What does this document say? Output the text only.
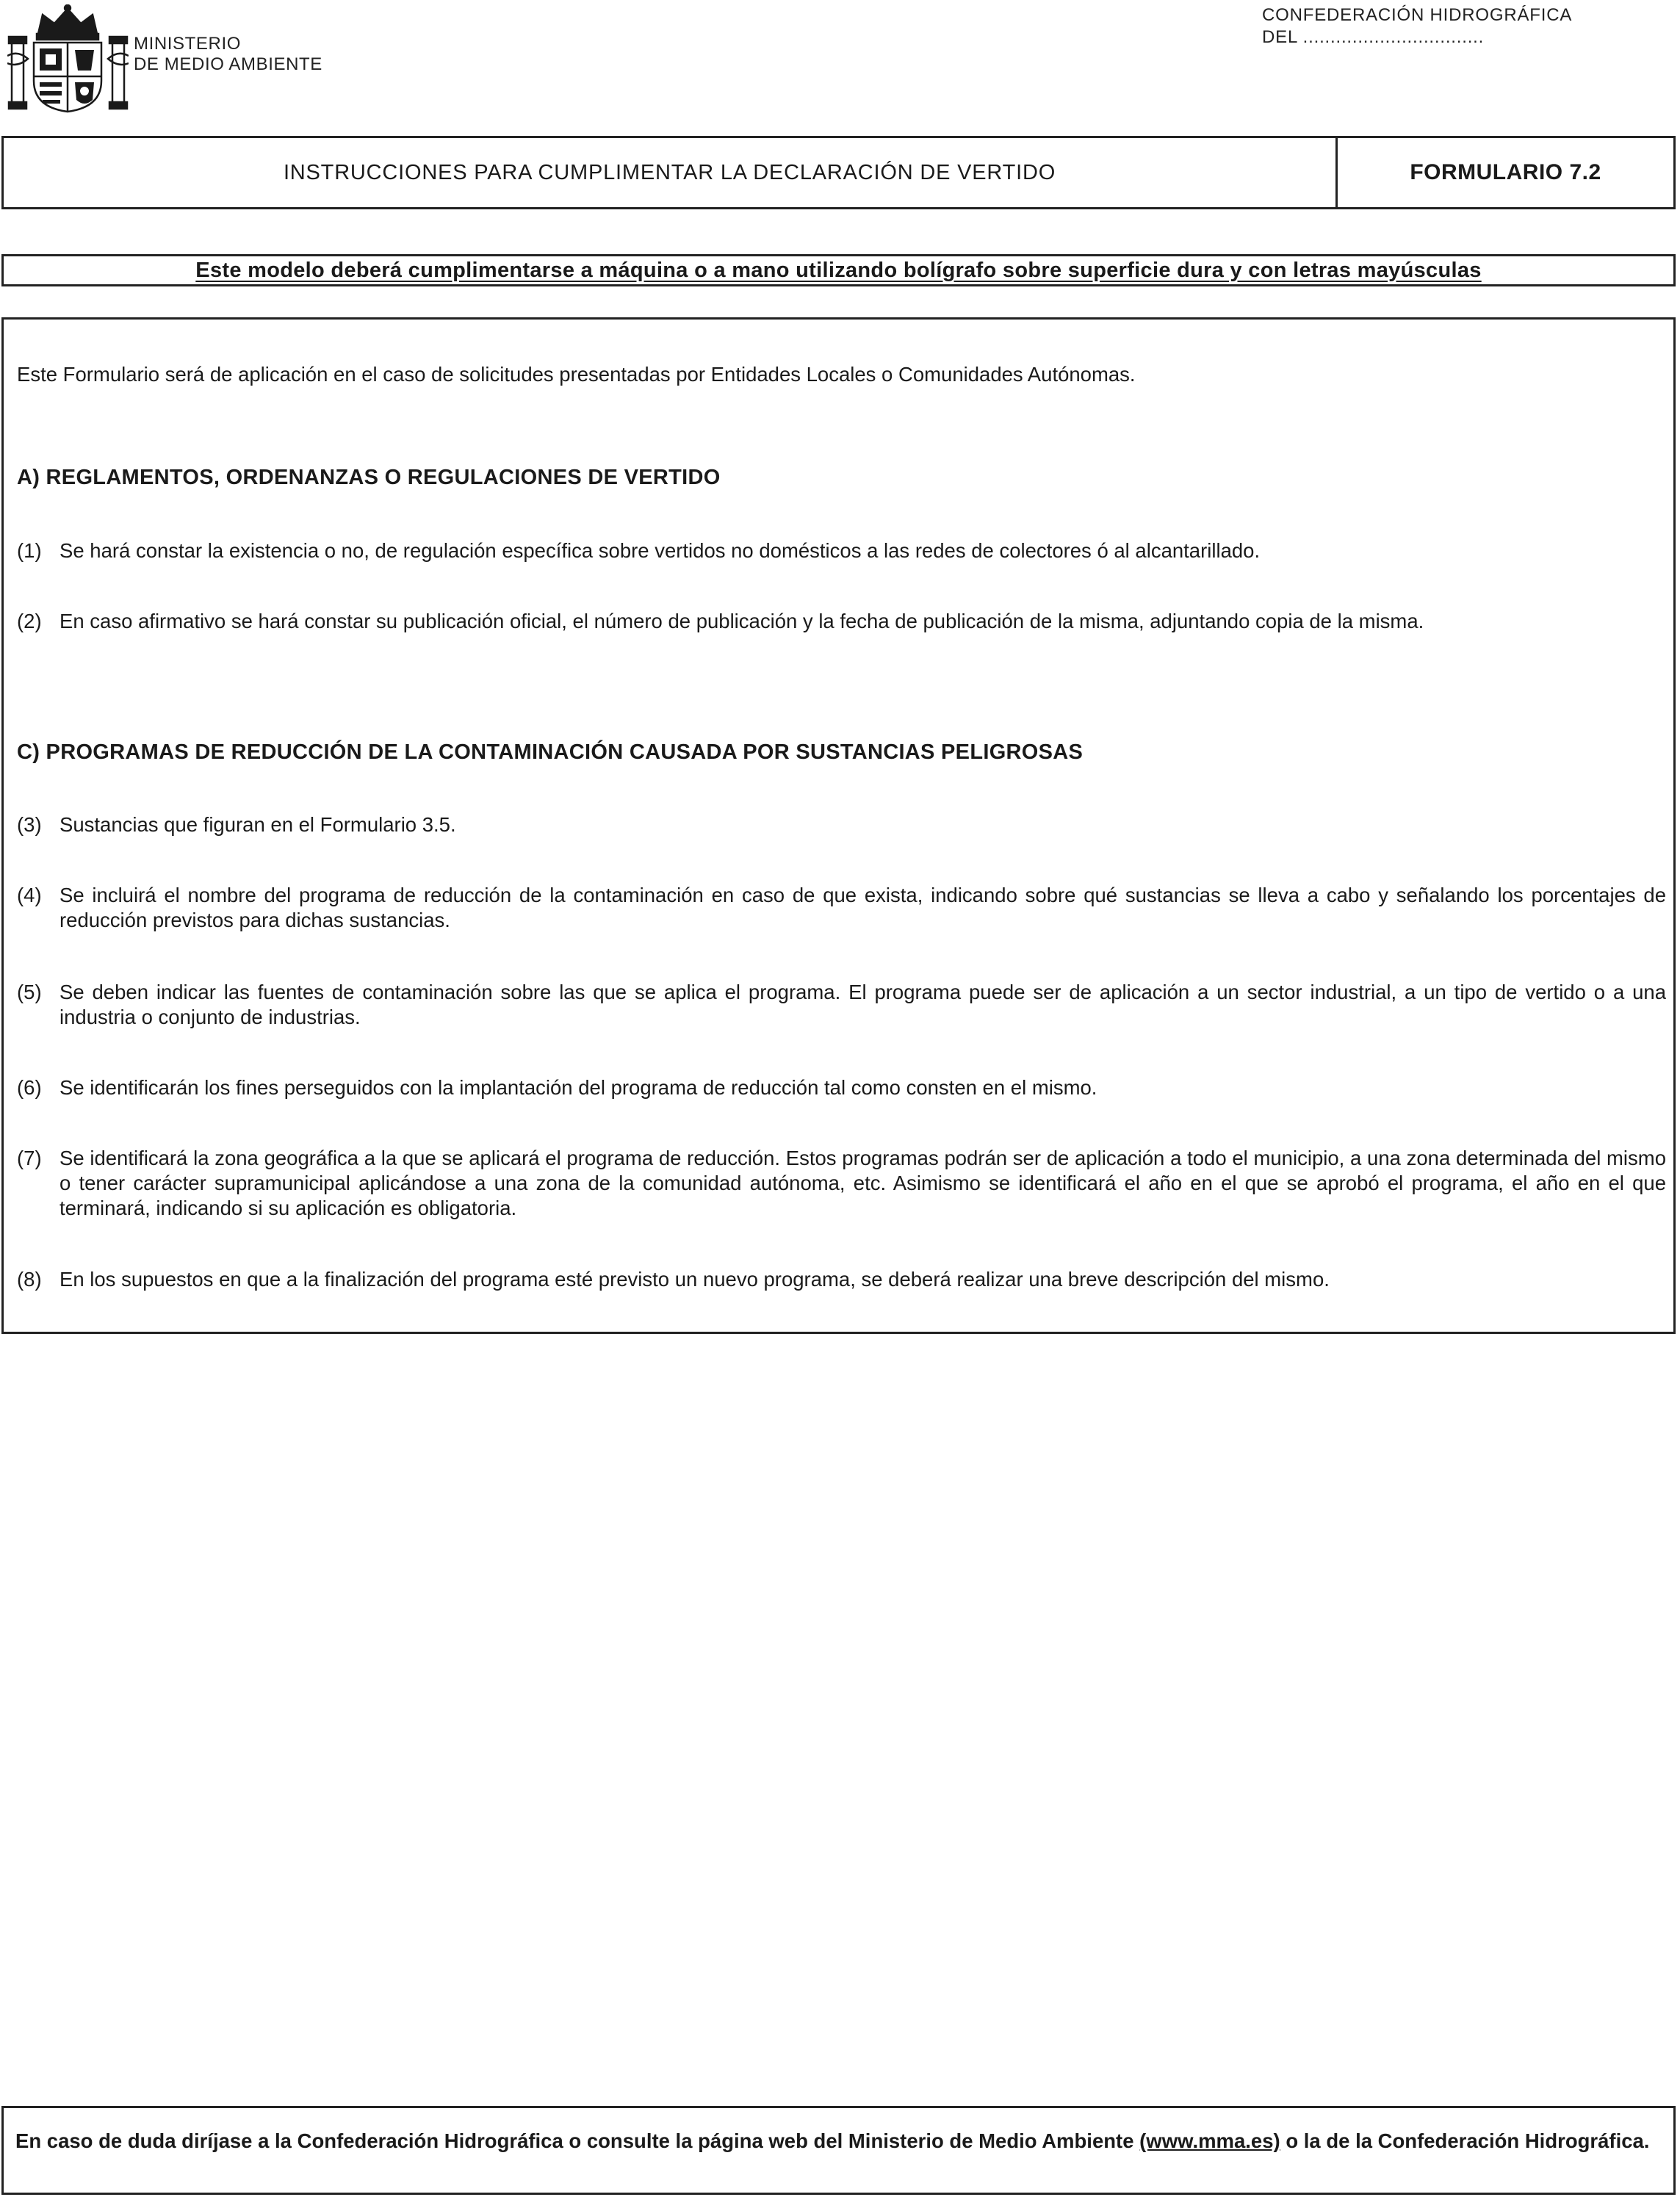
MINISTERIO
DE MEDIO AMBIENTE
CONFEDERACIÓN HIDROGRÁFICA
DEL .................................
INSTRUCCIONES PARA CUMPLIMENTAR LA DECLARACIÓN DE VERTIDO	FORMULARIO 7.2
Este modelo deberá cumplimentarse a máquina o a mano utilizando bolígrafo sobre superficie dura y con letras mayúsculas
Este Formulario será de aplicación en el caso de solicitudes presentadas por Entidades Locales o Comunidades Autónomas.
A) REGLAMENTOS, ORDENANZAS O REGULACIONES DE VERTIDO
(1) Se hará constar la existencia o no, de regulación específica sobre vertidos no domésticos a las redes de colectores ó al alcantarillado.
(2) En caso afirmativo se hará constar su publicación oficial, el número de publicación y la fecha de publicación de la misma, adjuntando copia de la misma.
C) PROGRAMAS DE REDUCCIÓN DE LA CONTAMINACIÓN CAUSADA POR SUSTANCIAS PELIGROSAS
(3) Sustancias que figuran en el Formulario 3.5.
(4) Se incluirá el nombre del programa de reducción de la contaminación en caso de que exista, indicando sobre qué sustancias se lleva a cabo y señalando los porcentajes de reducción previstos para dichas sustancias.
(5) Se deben indicar las fuentes de contaminación sobre las que se aplica el programa. El programa puede ser de aplicación a un sector industrial, a un tipo de vertido o a una industria o conjunto de industrias.
(6) Se identificarán los fines perseguidos con la implantación del programa de reducción tal como consten en el mismo.
(7) Se identificará la zona geográfica a la que se aplicará el programa de reducción. Estos programas podrán ser de aplicación a todo el municipio, a una zona determinada del mismo o tener carácter supramunicipal aplicándose a una zona de la comunidad autónoma, etc. Asimismo se identificará el año en el que se aprobó el programa, el año en el que terminará, indicando si su aplicación es obligatoria.
(8) En los supuestos en que a la finalización del programa esté previsto un nuevo programa, se deberá realizar una breve descripción del mismo.
En caso de duda diríjase a la Confederación Hidrográfica o consulte la página web del Ministerio de Medio Ambiente (www.mma.es) o la de la Confederación Hidrográfica.
